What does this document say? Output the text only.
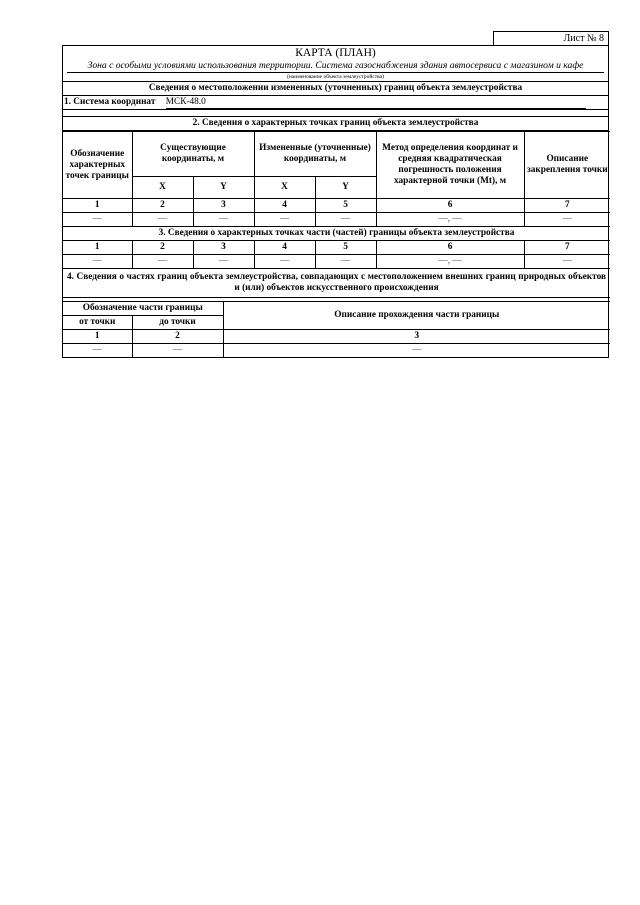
Лист № 8
КАРТА (ПЛАН)
Зона с особыми условиями использования территории. Система газоснабжения здания автосервиса с магазином и кафе
(наименование объекта землеустройства)
Сведения о местоположении измененных (уточненных) границ объекта землеустройства
1. Система координат МСК-48.0

2. Сведения о характерных точках границ объекта землеустройства
Обозначение характерных точек границы	Существующие координаты, м		Измененные (уточненные) координаты, м		Метод определения координат и средняя квадратическая погрешность положения характерной точки (Mt), м	Описание закрепления точки
	X	Y	X	Y		
1	2	3	4	5	6	7
—	—	—	—	—	—, —	—
3. Сведения о характерных точках части (частей) границы объекта землеустройства						
1	2	3	4	5	6	7
—	—	—	—	—	—, —	—
4. Сведения о частях границ объекта землеустройства, совпадающих с местоположением внешних границ природных объектов и (или) объектов искусственного происхождения						
Обозначение части границы		Описание прохождения части границы
от точки	до точки	
1	2	3
—	—	—
